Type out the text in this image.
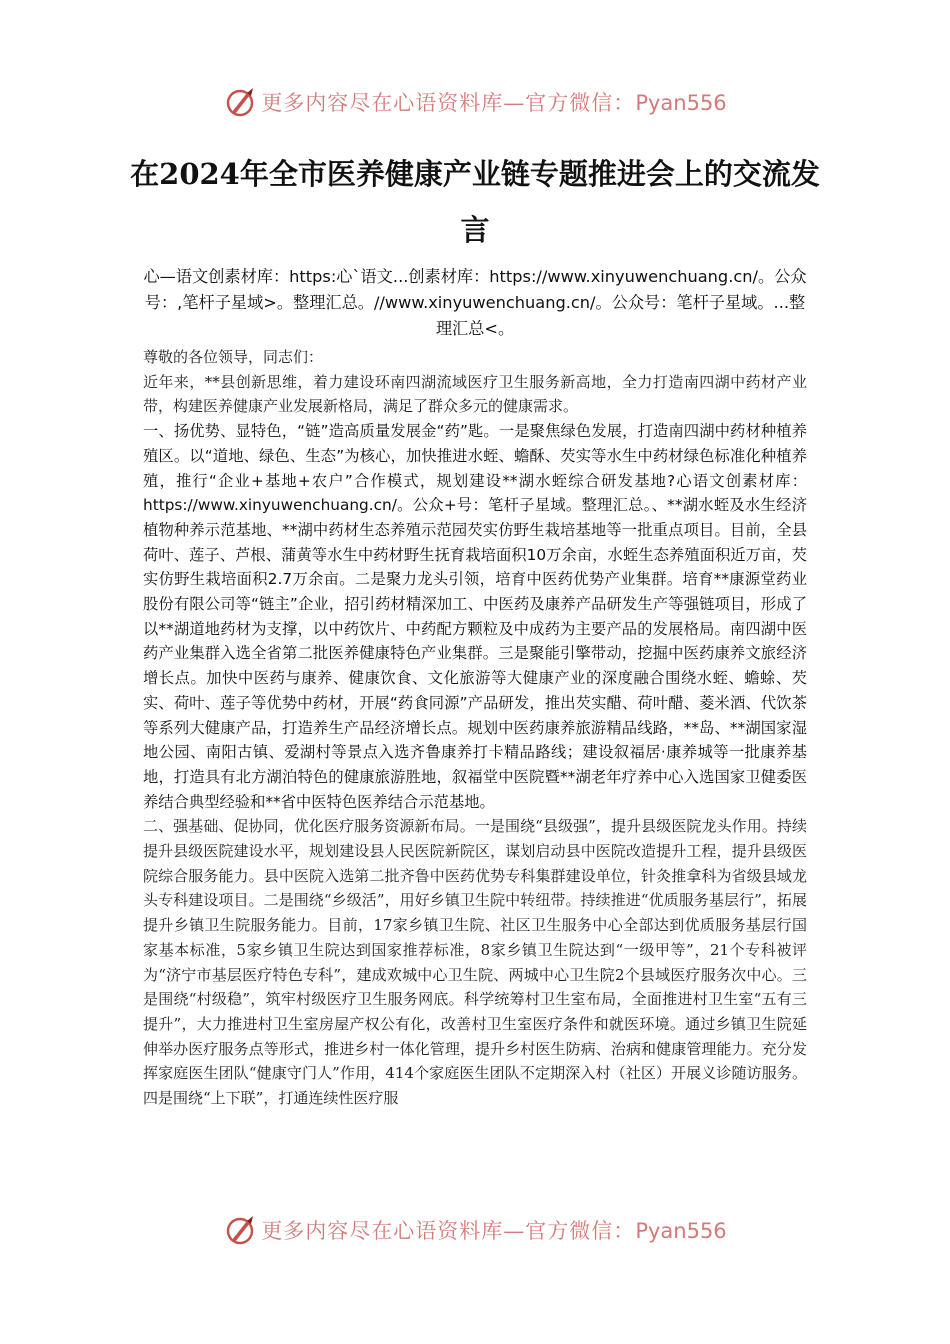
更多内容尽在心语资料库—官方微信：Pyan556
在2024年全市医养健康产业链专题推进会上的交流发言
心—语文创素材库：https:心`语文...创素材库：https://www.xinyuwenchuang.cn/。公众号：,笔杆子星域>。整理汇总。//www.xinyuwenchuang.cn/。公众号：笔杆子星域。...整理汇总<。

尊敬的各位领导，同志们：

近年来，**县创新思维，着力建设环南四湖流域医疗卫生服务新高地，全力打造南四湖中药材产业带，构建医养健康产业发展新格局，满足了群众多元的健康需求。

一、扬优势、显特色，“链”造高质量发展金“药”匙。一是聚焦绿色发展，打造南四湖中药材种植养殖区。以“道地、绿色、生态”为核心，加快推进水蛭、蟾酥、芡实等水生中药材绿色标准化种植养殖，推行“企业+基地+农户”合作模式，规划建设**湖水蛭综合研发基地?心语文创素材库：https://www.xinyuwenchuang.cn/。公众+号：笔杆子星域。整理汇总。、**湖水蛭及水生经济植物种养示范基地、**湖中药材生态养殖示范园芡实仿野生栽培基地等一批重点项目。目前，全县荷叶、莲子、芦根、蒲黄等水生中药材野生抚育栽培面积10万余亩，水蛭生态养殖面积近万亩，芡实仿野生栽培面积2.7万余亩。二是聚力龙头引领，培育中医药优势产业集群。培育**康源堂药业股份有限公司等“链主”企业，招引药材精深加工、中医药及康养产品研发生产等强链项目，形成了以**湖道地药材为支撑，以中药饮片、中药配方颗粒及中成药为主要产品的发展格局。南四湖中医药产业集群入选全省第二批医养健康特色产业集群。三是聚能引擎带动，挖掘中医药康养文旅经济增长点。加快中医药与康养、健康饮食、文化旅游等大健康产业的深度融合围绕水蛭、蟾蜍、芡实、荷叶、莲子等优势中药材，开展“药食同源”产品研发，推出芡实醋、荷叶醋、菱米酒、代饮茶等系列大健康产品，打造养生产品经济增长点。规划中医药康养旅游精品线路，**岛、**湖国家湿地公园、南阳古镇、爱湖村等景点入选齐鲁康养打卡精品路线；建设叙福居·康养城等一批康养基地，打造具有北方湖泊特色的健康旅游胜地，叙福堂中医院暨**湖老年疗养中心入选国家卫健委医养结合典型经验和**省中医特色医养结合示范基地。

二、强基础、促协同，优化医疗服务资源新布局。一是围绕“县级强”，提升县级医院龙头作用。持续提升县级医院建设水平，规划建设县人民医院新院区，谋划启动县中医院改造提升工程，提升县级医院综合服务能力。县中医院入选第二批齐鲁中医药优势专科集群建设单位，针灸推拿科为省级县域龙头专科建设项目。二是围绕“乡级活”，用好乡镇卫生院中转纽带。持续推进“优质服务基层行”，拓展提升乡镇卫生院服务能力。目前，17家乡镇卫生院、社区卫生服务中心全部达到优质服务基层行国家基本标准，5家乡镇卫生院达到国家推荐标准，8家乡镇卫生院达到“一级甲等”，21个专科被评为“济宁市基层医疗特色专科”，建成欢城中心卫生院、两城中心卫生院2个县域医疗服务次中心。三是围绕“村级稳”，筑牢村级医疗卫生服务网底。科学统筹村卫生室布局，全面推进村卫生室“五有三提升”，大力推进村卫生室房屋产权公有化，改善村卫生室医疗条件和就医环境。通过乡镇卫生院延伸举办医疗服务点等形式，推进乡村一体化管理，提升乡村医生防病、治病和健康管理能力。充分发挥家庭医生团队“健康守门人”作用，414个家庭医生团队不定期深入村（社区）开展义诊随访服务。四是围绕“上下联”，打通连续性医疗服

更多内容尽在心语资料库—官方微信：Pyan556
